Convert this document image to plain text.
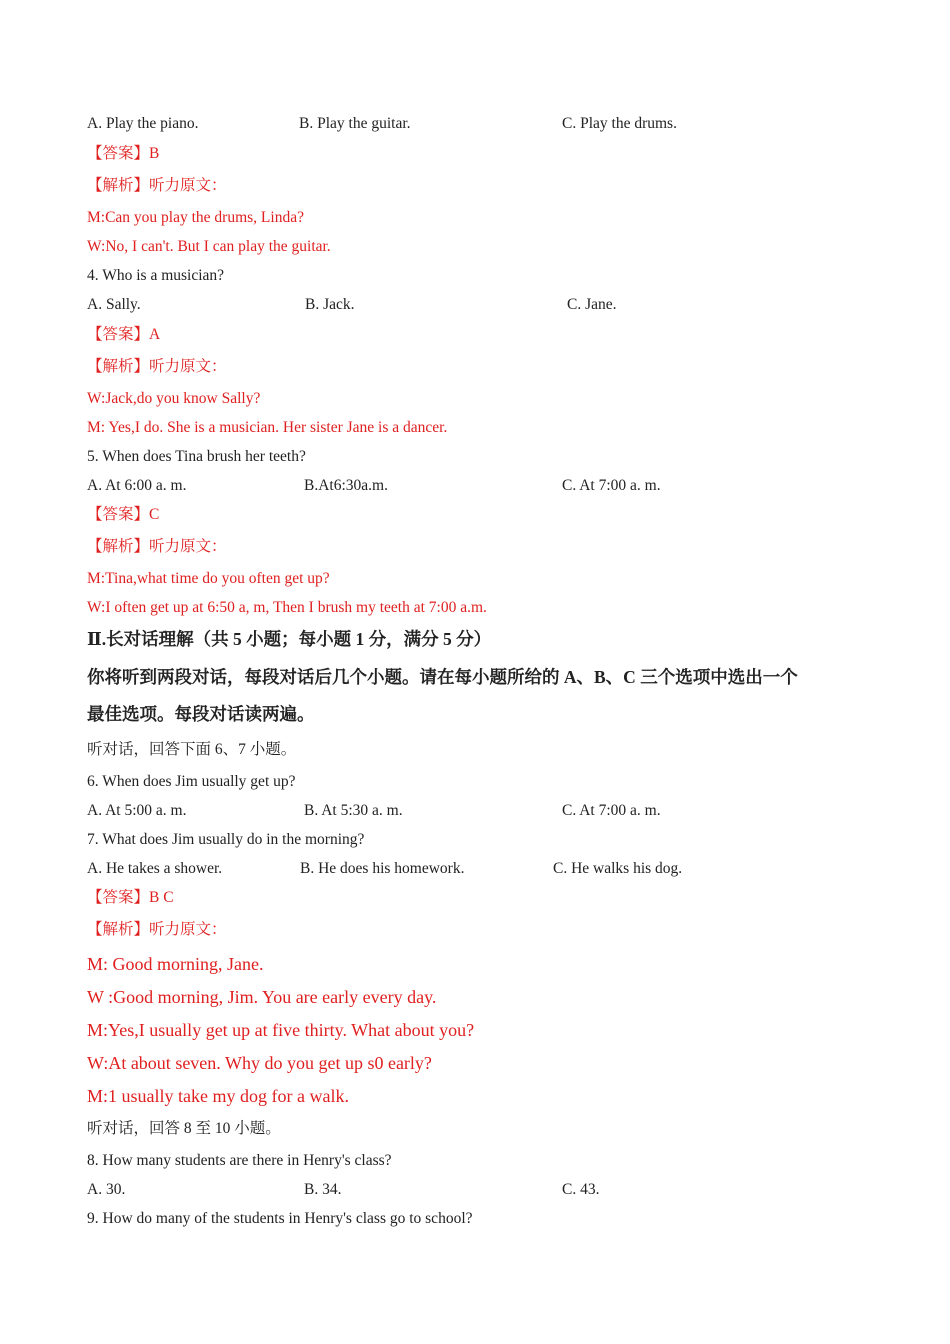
A. Play the piano.	B. Play the guitar.	C. Play the drums.
【答案】B
【解析】听力原文：
M:Can you play the drums, Linda?
W:No, I can't. But I can play the guitar.
4. Who is a musician?
A. Sally.	B. Jack.	C. Jane.
【答案】A
【解析】听力原文：
W:Jack,do you know Sally?
M: Yes,I do. She is a musician. Her sister Jane is a dancer.
5. When does Tina brush her teeth?
A. At 6:00 a. m.	B.At6:30a.m.	C. At 7:00 a. m.
【答案】C
【解析】听力原文：
M:Tina,what time do you often get up?
W:I often get up at 6:50 a, m, Then I brush my teeth at 7:00 a.m.
Ⅱ.长对话理解（共 5 小题；每小题 1 分，满分 5 分）
你将听到两段对话，每段对话后几个小题。请在每小题所给的 A、B、C 三个选项中选出一个
最佳选项。每段对话读两遍。
听对话，回答下面 6、7 小题。
6. When does Jim usually get up?
A. At 5:00 a. m.	B. At 5:30 a. m.	C. At 7:00 a. m.
7. What does Jim usually do in the morning?
A. He takes a shower.	B. He does his homework.	C. He walks his dog.
【答案】B C
【解析】听力原文：
M: Good morning, Jane.
W :Good morning, Jim. You are early every day.
M:Yes,I usually get up at five thirty. What about you?
W:At about seven. Why do you get up s0 early?
M:1 usually take my dog for a walk.
听对话，回答 8 至 10 小题。
8. How many students are there in Henry's class?
A. 30.	B. 34.	C. 43.
9. How do many of the students in Henry's class go to school?
